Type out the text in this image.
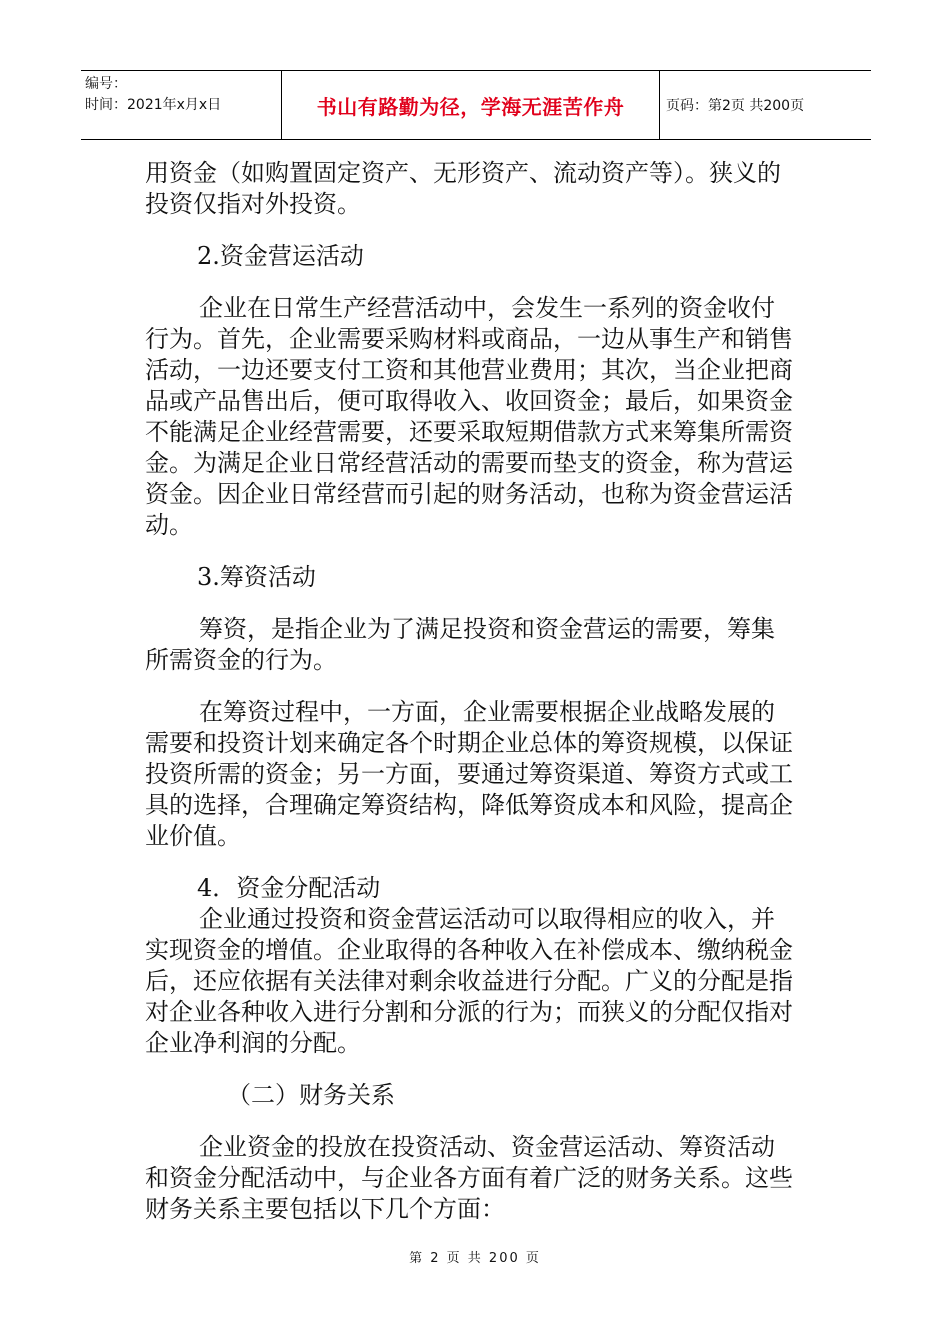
编号：
时间：2021年x月x日	书山有路勤为径，学海无涯苦作舟	页码：第2页 共200页

用资金（如购置固定资产、无形资产、流动资产等）。狭义的投资仅指对外投资。

2.资金营运活动

企业在日常生产经营活动中，会发生一系列的资金收付行为。首先，企业需要采购材料或商品，一边从事生产和销售活动，一边还要支付工资和其他营业费用；其次，当企业把商品或产品售出后，便可取得收入、收回资金；最后，如果资金不能满足企业经营需要，还要采取短期借款方式来筹集所需资金。为满足企业日常经营活动的需要而垫支的资金，称为营运资金。因企业日常经营而引起的财务活动，也称为资金营运活动。

3.筹资活动

筹资，是指企业为了满足投资和资金营运的需要，筹集所需资金的行为。

在筹资过程中，一方面，企业需要根据企业战略发展的需要和投资计划来确定各个时期企业总体的筹资规模，以保证投资所需的资金；另一方面，要通过筹资渠道、筹资方式或工具的选择，合理确定筹资结构，降低筹资成本和风险，提高企业价值。

4．资金分配活动

企业通过投资和资金营运活动可以取得相应的收入，并实现资金的增值。企业取得的各种收入在补偿成本、缴纳税金后，还应依据有关法律对剩余收益进行分配。广义的分配是指对企业各种收入进行分割和分派的行为；而狭义的分配仅指对企业净利润的分配。

（二）财务关系

企业资金的投放在投资活动、资金营运活动、筹资活动和资金分配活动中，与企业各方面有着广泛的财务关系。这些财务关系主要包括以下几个方面：

第 2 页 共 200 页
